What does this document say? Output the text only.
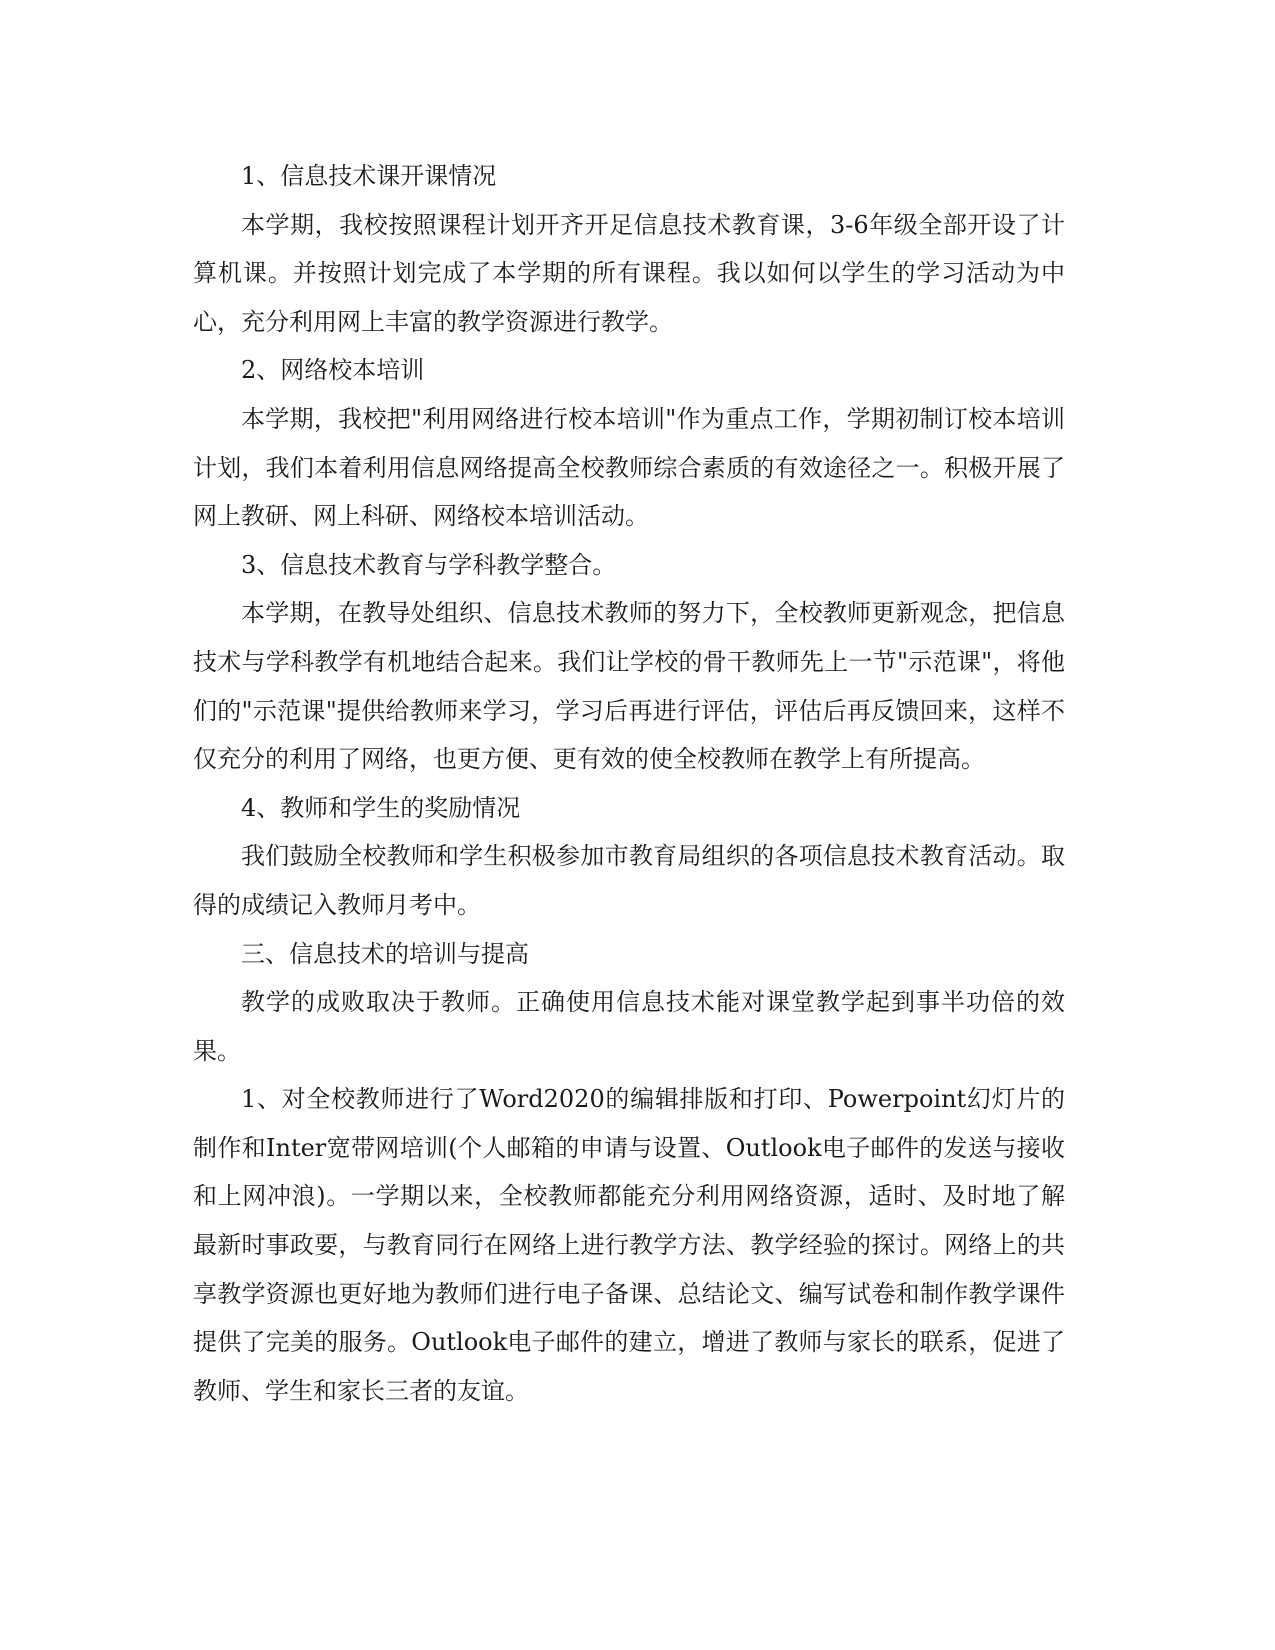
1、信息技术课开课情况

本学期，我校按照课程计划开齐开足信息技术教育课，3-6年级全部开设了计算机课。并按照计划完成了本学期的所有课程。我以如何以学生的学习活动为中心，充分利用网上丰富的教学资源进行教学。

2、网络校本培训

本学期，我校把"利用网络进行校本培训"作为重点工作，学期初制订校本培训计划，我们本着利用信息网络提高全校教师综合素质的有效途径之一。积极开展了网上教研、网上科研、网络校本培训活动。

3、信息技术教育与学科教学整合。

本学期，在教导处组织、信息技术教师的努力下，全校教师更新观念，把信息技术与学科教学有机地结合起来。我们让学校的骨干教师先上一节"示范课"，将他们的"示范课"提供给教师来学习，学习后再进行评估，评估后再反馈回来，这样不仅充分的利用了网络，也更方便、更有效的使全校教师在教学上有所提高。

4、教师和学生的奖励情况

我们鼓励全校教师和学生积极参加市教育局组织的各项信息技术教育活动。取得的成绩记入教师月考中。

三、信息技术的培训与提高

教学的成败取决于教师。正确使用信息技术能对课堂教学起到事半功倍的效果。

1、对全校教师进行了Word2020的编辑排版和打印、Powerpoint幻灯片的制作和Inter宽带网培训(个人邮箱的申请与设置、Outlook电子邮件的发送与接收和上网冲浪)。一学期以来，全校教师都能充分利用网络资源，适时、及时地了解最新时事政要，与教育同行在网络上进行教学方法、教学经验的探讨。网络上的共享教学资源也更好地为教师们进行电子备课、总结论文、编写试卷和制作教学课件提供了完美的服务。Outlook电子邮件的建立，增进了教师与家长的联系，促进了教师、学生和家长三者的友谊。
